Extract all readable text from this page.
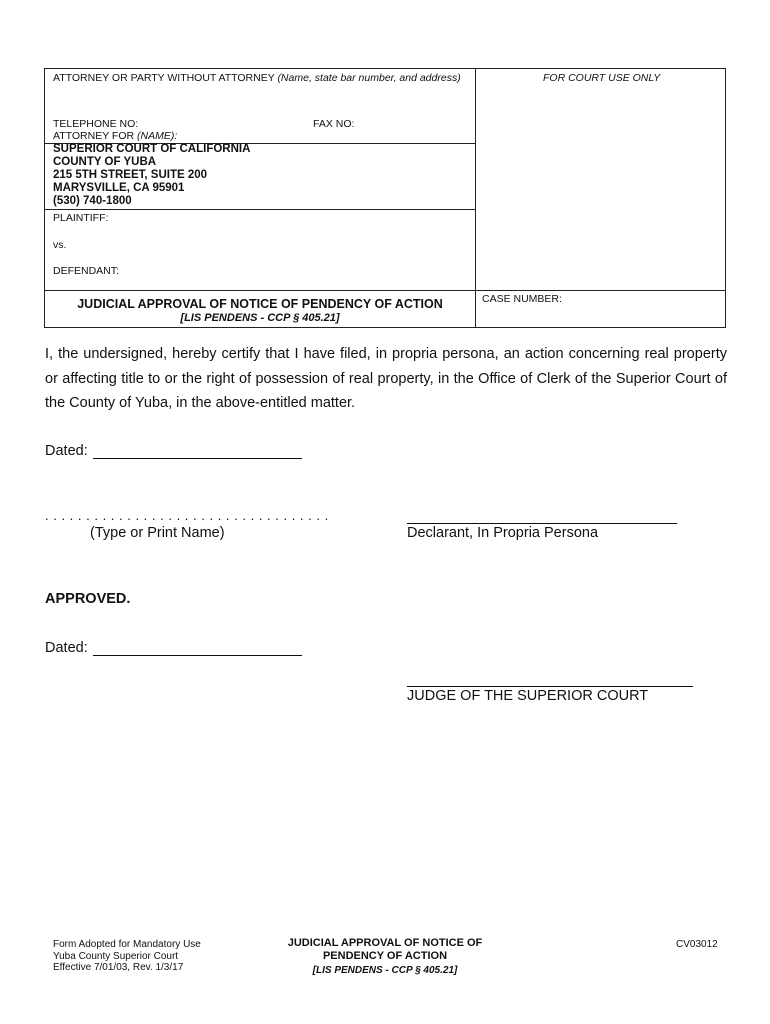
ATTORNEY OR PARTY WITHOUT ATTORNEY (Name, state bar number, and address)	FOR COURT USE ONLY
TELEPHONE NO:	FAX NO:
ATTORNEY FOR (NAME):
SUPERIOR COURT OF CALIFORNIA
COUNTY OF YUBA
215 5TH STREET, SUITE 200
MARYSVILLE, CA 95901
(530) 740-1800
PLAINTIFF:
vs.
DEFENDANT:
JUDICIAL APPROVAL OF NOTICE OF PENDENCY OF ACTION
[LIS PENDENS - CCP § 405.21]
CASE NUMBER:
I, the undersigned, hereby certify that I have filed, in propria persona, an action concerning real property or affecting title to or the right of possession of real property, in the Office of Clerk of the Superior Court of the County of Yuba, in the above-entitled matter.
Dated:
. . . . . . . . . . . . . . . . . . . . . . . . . . . . . . . . . . .
(Type or Print Name)	Declarant, In Propria Persona
APPROVED.
Dated:
JUDGE OF THE SUPERIOR COURT
Form Adopted for Mandatory Use
Yuba County Superior Court
Effective 7/01/03, Rev. 1/3/17
JUDICIAL APPROVAL OF NOTICE OF PENDENCY OF ACTION
[LIS PENDENS - CCP § 405.21]
CV03012
